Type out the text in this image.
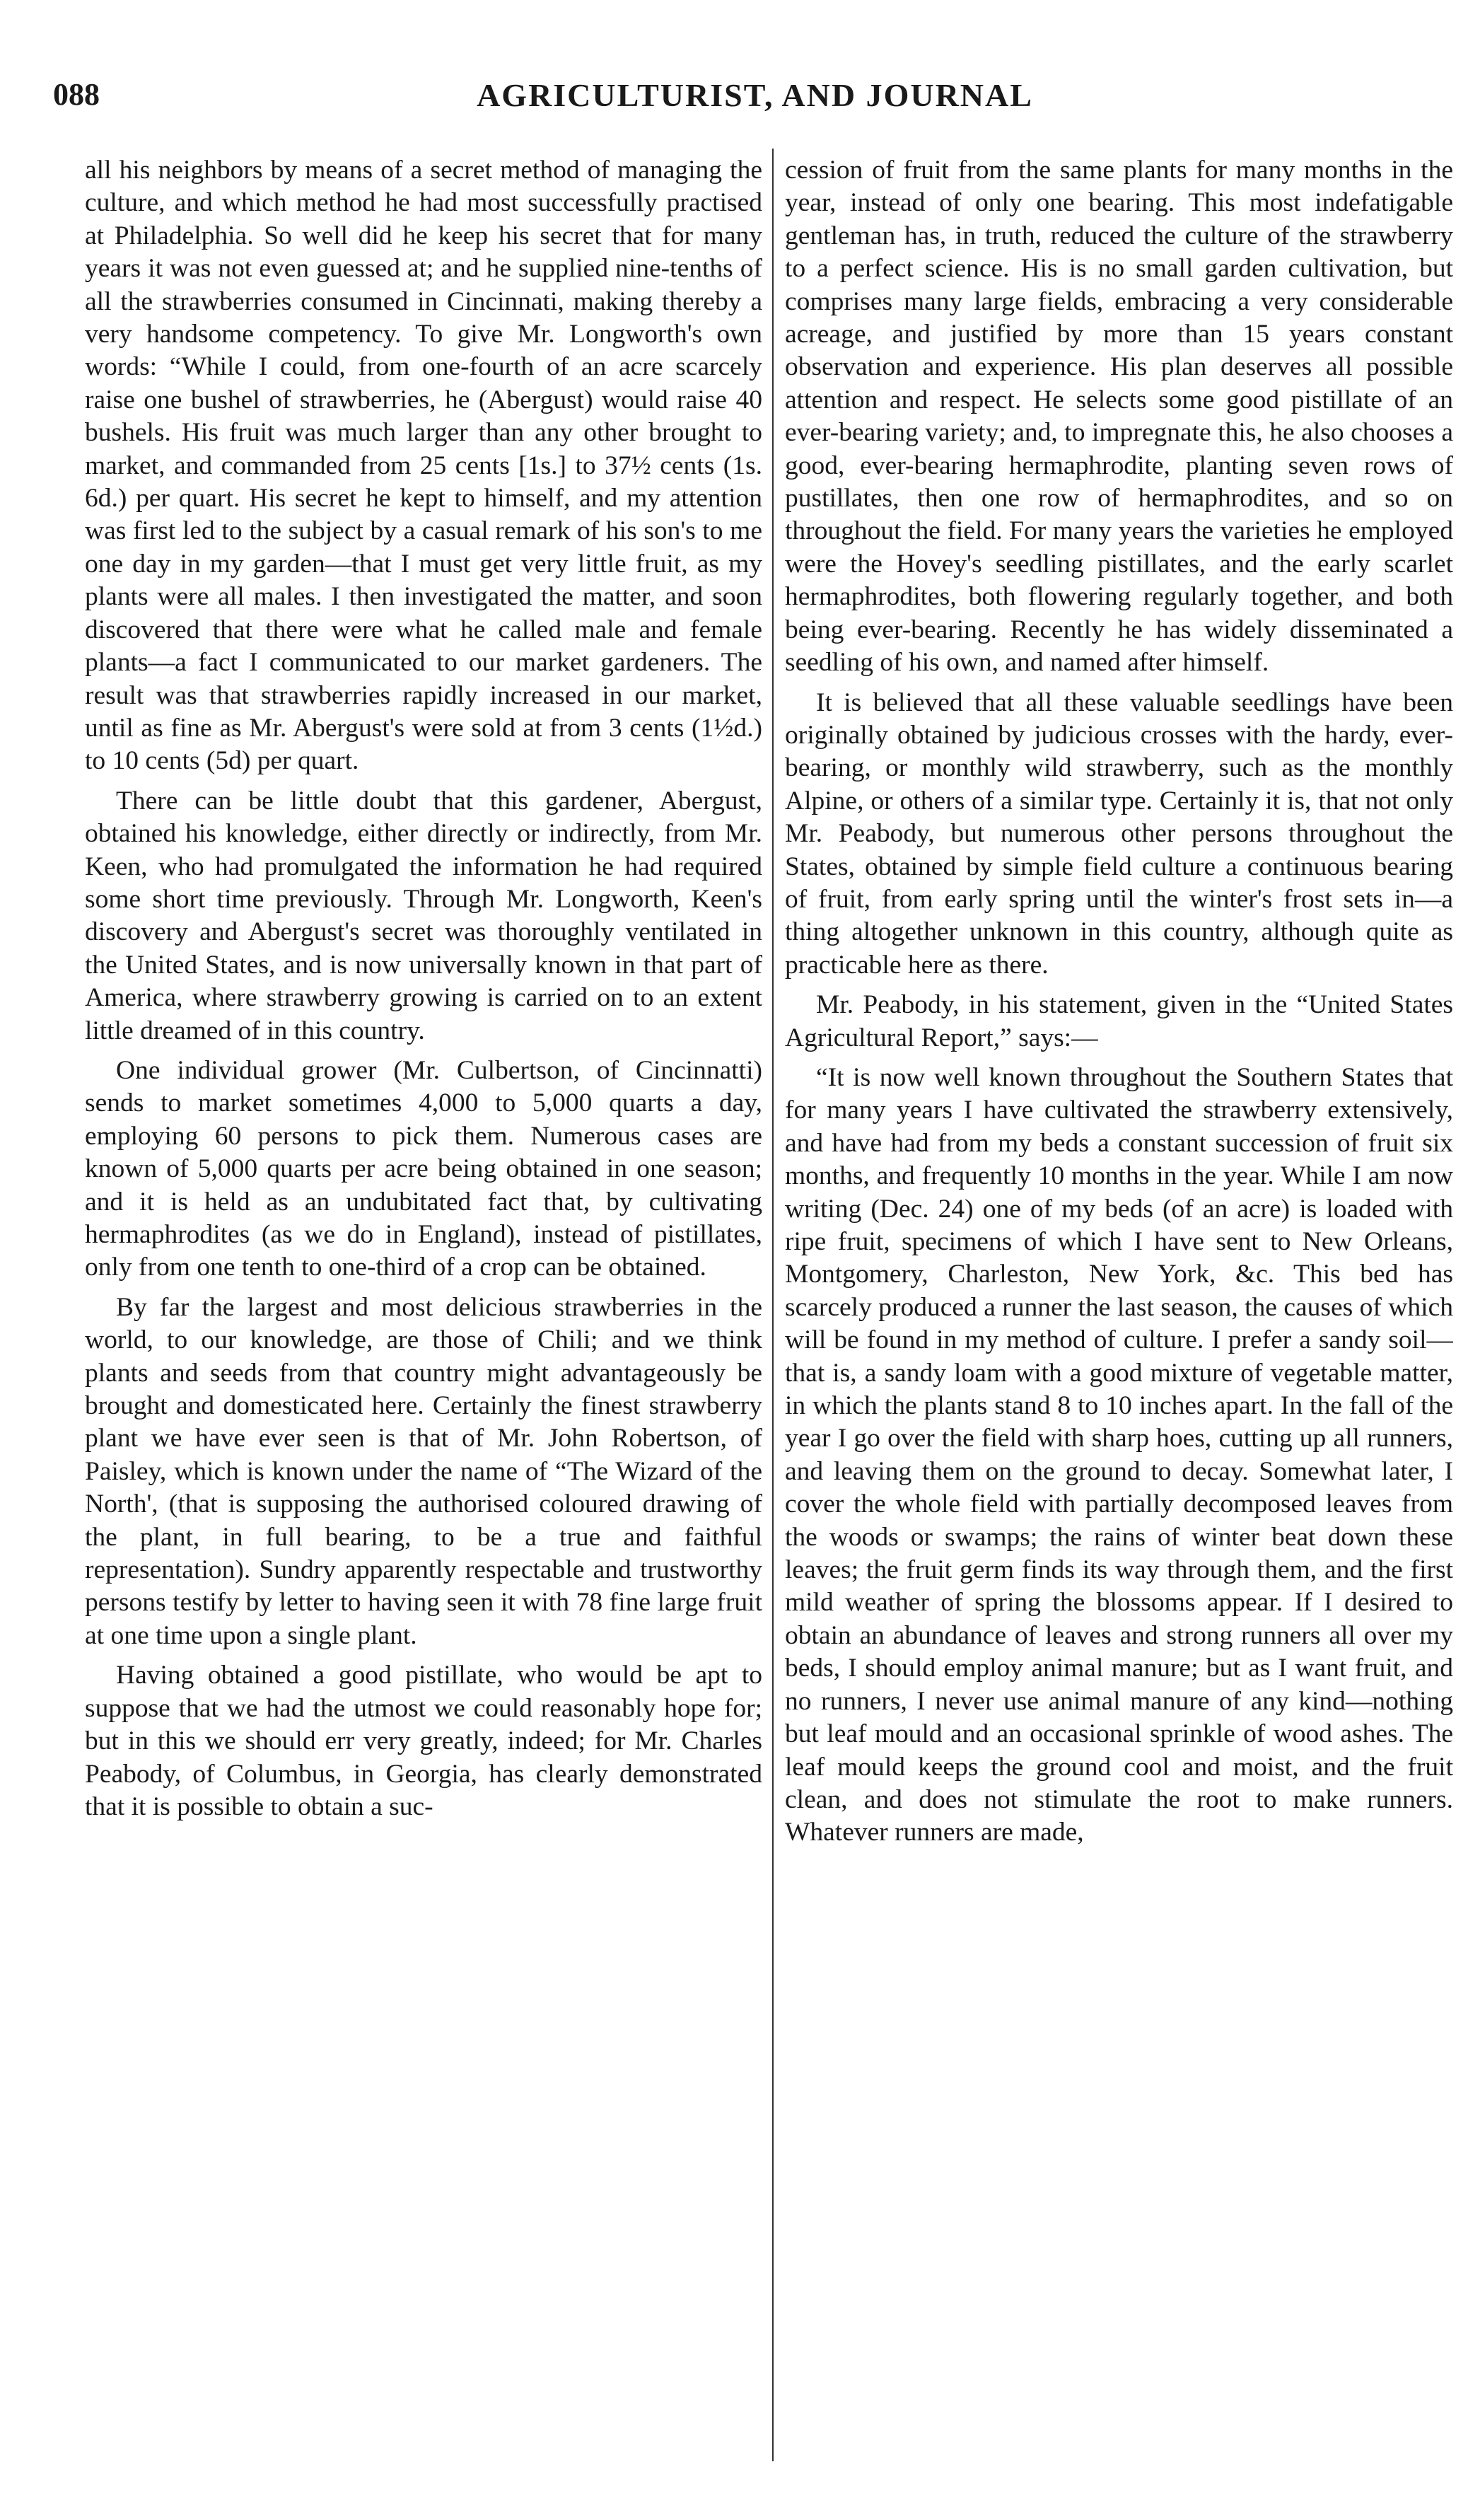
088	AGRICULTURIST, AND JOURNAL

all his neighbors by means of a secret method of managing the culture, and which method he had most successfully practised at Philadelphia. So well did he keep his secret that for many years it was not even guessed at; and he supplied nine-tenths of all the strawberries consumed in Cincinnati, making thereby a very handsome competency. To give Mr. Longworth's own words: “While I could, from one-fourth of an acre scarcely raise one bushel of strawberries, he (Abergust) would raise 40 bushels. His fruit was much larger than any other brought to market, and commanded from 25 cents [1s.] to 37½ cents (1s. 6d.) per quart. His secret he kept to himself, and my attention was first led to the subject by a casual remark of his son's to me one day in my garden—that I must get very little fruit, as my plants were all males. I then investigated the matter, and soon discovered that there were what he called male and female plants—a fact I communicated to our market gardeners. The result was that strawberries rapidly increased in our market, until as fine as Mr. Abergust's were sold at from 3 cents (1½d.) to 10 cents (5d) per quart.

There can be little doubt that this gardener, Abergust, obtained his knowledge, either directly or indirectly, from Mr. Keen, who had promulgated the information he had required some short time previously. Through Mr. Longworth, Keen's discovery and Abergust's secret was thoroughly ventilated in the United States, and is now universally known in that part of America, where strawberry growing is carried on to an extent little dreamed of in this country.

One individual grower (Mr. Culbertson, of Cincinnatti) sends to market sometimes 4,000 to 5,000 quarts a day, employing 60 persons to pick them. Numerous cases are known of 5,000 quarts per acre being obtained in one season; and it is held as an undubitated fact that, by cultivating hermaphrodites (as we do in England), instead of pistillates, only from one tenth to one-third of a crop can be obtained.

By far the largest and most delicious strawberries in the world, to our knowledge, are those of Chili; and we think plants and seeds from that country might advantageously be brought and domesticated here. Certainly the finest strawberry plant we have ever seen is that of Mr. John Robertson, of Paisley, which is known under the name of “The Wizard of the North', (that is supposing the authorised coloured drawing of the plant, in full bearing, to be a true and faithful representation). Sundry apparently respectable and trustworthy persons testify by letter to having seen it with 78 fine large fruit at one time upon a single plant.

Having obtained a good pistillate, who would be apt to suppose that we had the utmost we could reasonably hope for; but in this we should err very greatly, indeed; for Mr. Charles Peabody, of Columbus, in Georgia, has clearly demonstrated that it is possible to obtain a suc-

cession of fruit from the same plants for many months in the year, instead of only one bearing. This most indefatigable gentleman has, in truth, reduced the culture of the strawberry to a perfect science. His is no small garden cultivation, but comprises many large fields, embracing a very considerable acreage, and justified by more than 15 years constant observation and experience. His plan deserves all possible attention and respect. He selects some good pistillate of an ever-bearing variety; and, to impregnate this, he also chooses a good, ever-bearing hermaphrodite, planting seven rows of pustillates, then one row of hermaphrodites, and so on throughout the field. For many years the varieties he employed were the Hovey's seedling pistillates, and the early scarlet hermaphrodites, both flowering regularly together, and both being ever-bearing. Recently he has widely disseminated a seedling of his own, and named after himself.

It is believed that all these valuable seedlings have been originally obtained by judicious crosses with the hardy, ever-bearing, or monthly wild strawberry, such as the monthly Alpine, or others of a similar type. Certainly it is, that not only Mr. Peabody, but numerous other persons throughout the States, obtained by simple field culture a continuous bearing of fruit, from early spring until the winter's frost sets in—a thing altogether unknown in this country, although quite as practicable here as there.

Mr. Peabody, in his statement, given in the “United States Agricultural Report,” says:—

“It is now well known throughout the Southern States that for many years I have cultivated the strawberry extensively, and have had from my beds a constant succession of fruit six months, and frequently 10 months in the year. While I am now writing (Dec. 24) one of my beds (of an acre) is loaded with ripe fruit, specimens of which I have sent to New Orleans, Montgomery, Charleston, New York, &c. This bed has scarcely produced a runner the last season, the causes of which will be found in my method of culture. I prefer a sandy soil—that is, a sandy loam with a good mixture of vegetable matter, in which the plants stand 8 to 10 inches apart. In the fall of the year I go over the field with sharp hoes, cutting up all runners, and leaving them on the ground to decay. Somewhat later, I cover the whole field with partially decomposed leaves from the woods or swamps; the rains of winter beat down these leaves; the fruit germ finds its way through them, and the first mild weather of spring the blossoms appear. If I desired to obtain an abundance of leaves and strong runners all over my beds, I should employ animal manure; but as I want fruit, and no runners, I never use animal manure of any kind—nothing but leaf mould and an occasional sprinkle of wood ashes. The leaf mould keeps the ground cool and moist, and the fruit clean, and does not stimulate the root to make runners. Whatever runners are made,
